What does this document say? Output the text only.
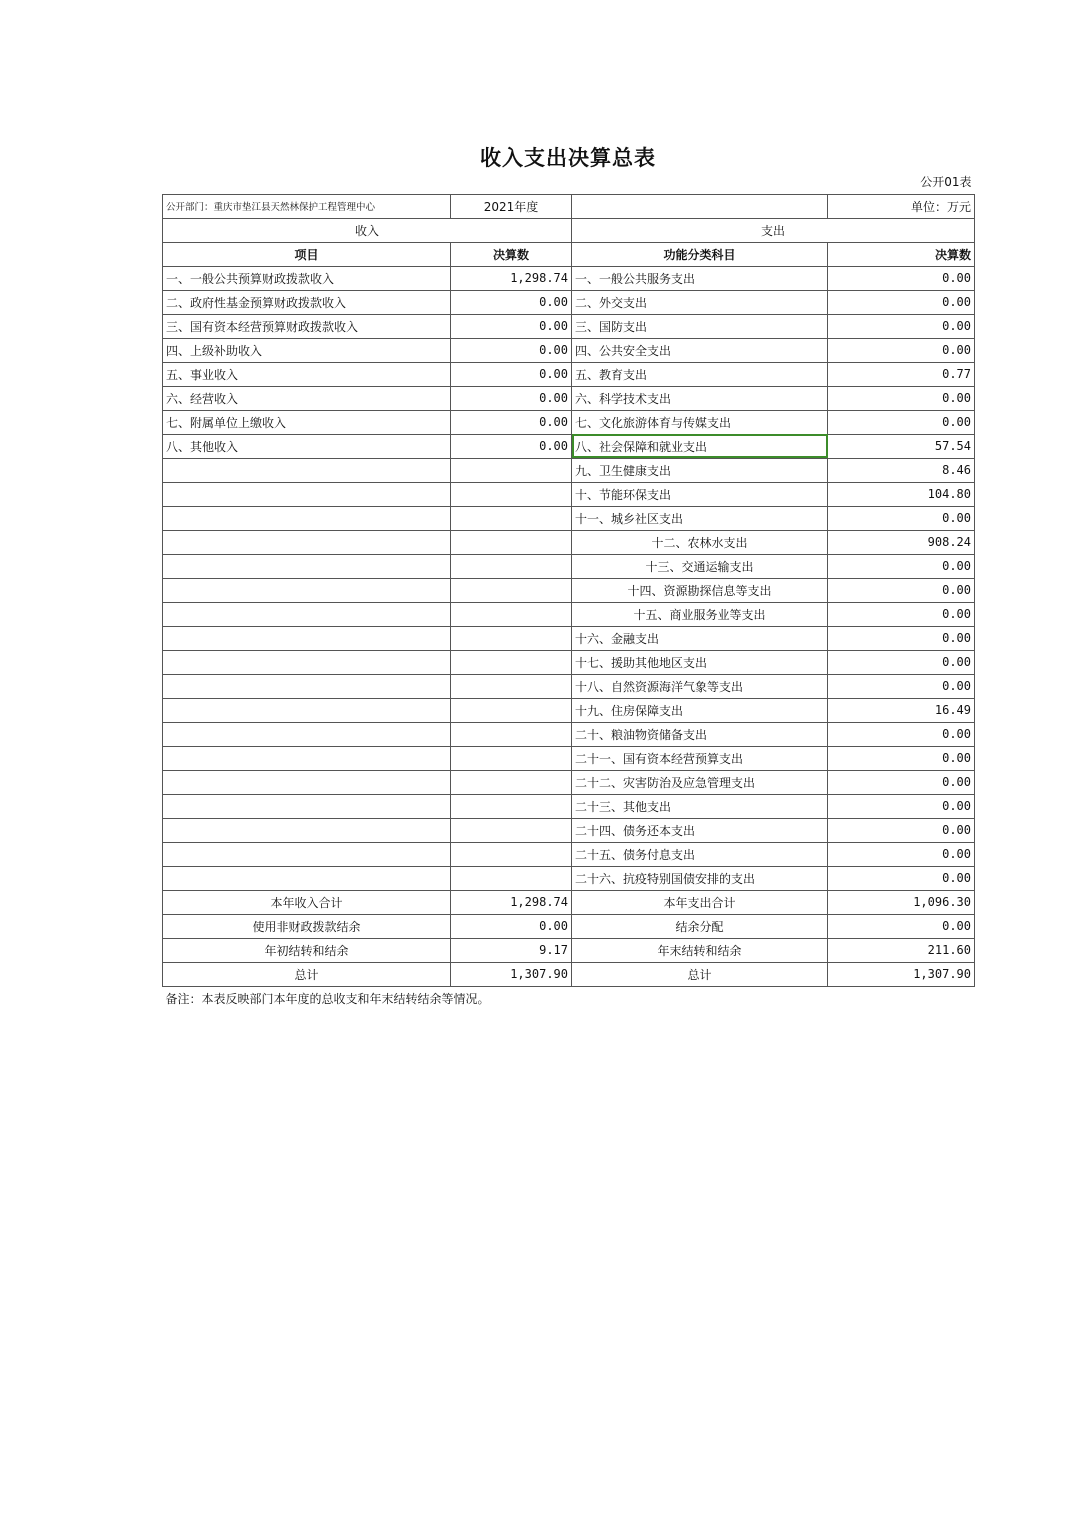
收入支出决算总表
			公开01表
公开部门：重庆市垫江县天然林保护工程管理中心	2021年度		单位：万元
收入		支出	
项目	决算数	功能分类科目	决算数
一、一般公共预算财政拨款收入	1,298.74	一、一般公共服务支出	0.00
二、政府性基金预算财政拨款收入	0.00	二、外交支出	0.00
三、国有资本经营预算财政拨款收入	0.00	三、国防支出	0.00
四、上级补助收入	0.00	四、公共安全支出	0.00
五、事业收入	0.00	五、教育支出	0.77
六、经营收入	0.00	六、科学技术支出	0.00
七、附属单位上缴收入	0.00	七、文化旅游体育与传媒支出	0.00
八、其他收入	0.00	八、社会保障和就业支出	57.54
		九、卫生健康支出	8.46
		十、节能环保支出	104.80
		十一、城乡社区支出	0.00
		十二、农林水支出	908.24
		十三、交通运输支出	0.00
		十四、资源勘探信息等支出	0.00
		十五、商业服务业等支出	0.00
		十六、金融支出	0.00
		十七、援助其他地区支出	0.00
		十八、自然资源海洋气象等支出	0.00
		十九、住房保障支出	16.49
		二十、粮油物资储备支出	0.00
		二十一、国有资本经营预算支出	0.00
		二十二、灾害防治及应急管理支出	0.00
		二十三、其他支出	0.00
		二十四、债务还本支出	0.00
		二十五、债务付息支出	0.00
		二十六、抗疫特别国债安排的支出	0.00
本年收入合计	1,298.74	本年支出合计	1,096.30
使用非财政拨款结余	0.00	结余分配	0.00
年初结转和结余	9.17	年末结转和结余	211.60
总计	1,307.90	总计	1,307.90
备注：本表反映部门本年度的总收支和年末结转结余等情况。			
